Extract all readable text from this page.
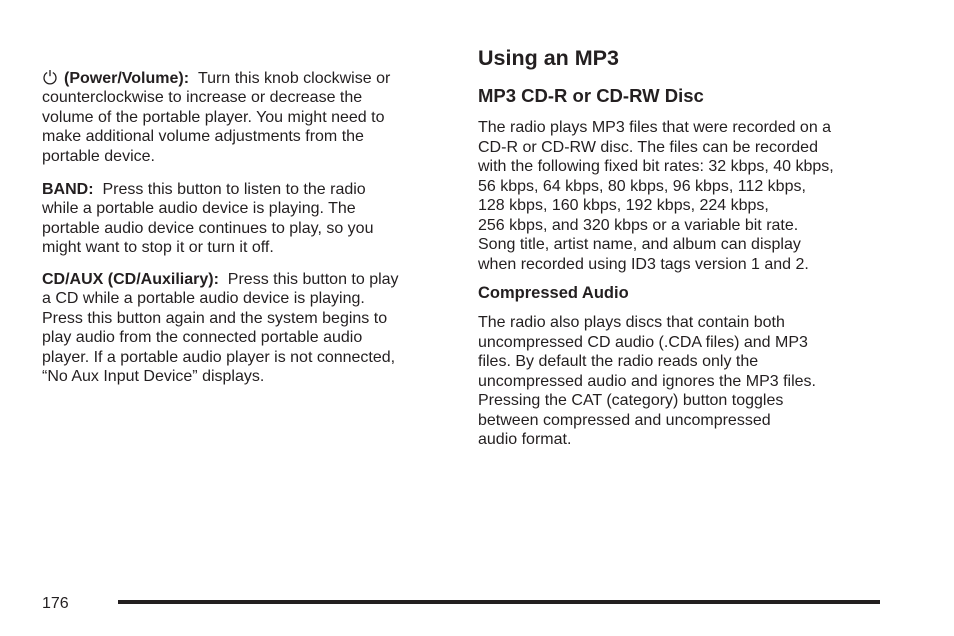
(Power/Volume): Turn this knob clockwise or
counterclockwise to increase or decrease the
volume of the portable player. You might need to
make additional volume adjustments from the
portable device.

BAND: Press this button to listen to the radio
while a portable audio device is playing. The
portable audio device continues to play, so you
might want to stop it or turn it off.

CD/AUX (CD/Auxiliary): Press this button to play
a CD while a portable audio device is playing.
Press this button again and the system begins to
play audio from the connected portable audio
player. If a portable audio player is not connected,
“No Aux Input Device” displays.

Using an MP3
MP3 CD-R or CD-RW Disc

The radio plays MP3 files that were recorded on a
CD-R or CD-RW disc. The files can be recorded
with the following fixed bit rates: 32 kbps, 40 kbps,
56 kbps, 64 kbps, 80 kbps, 96 kbps, 112 kbps,
128 kbps, 160 kbps, 192 kbps, 224 kbps,
256 kbps, and 320 kbps or a variable bit rate.
Song title, artist name, and album can display
when recorded using ID3 tags version 1 and 2.

Compressed Audio

The radio also plays discs that contain both
uncompressed CD audio (.CDA files) and MP3
files. By default the radio reads only the
uncompressed audio and ignores the MP3 files.
Pressing the CAT (category) button toggles
between compressed and uncompressed
audio format.

176
